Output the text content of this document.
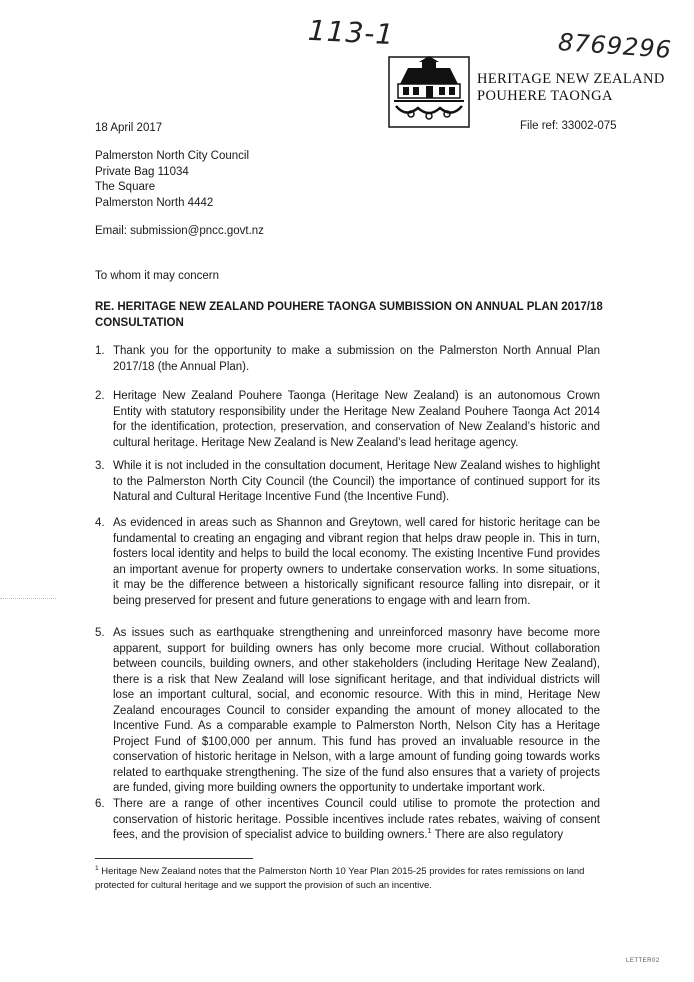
113-1	8769296
HERITAGE NEW ZEALAND
POUHERE TAONGA
18 April 2017	File ref: 33002-075
Palmerston North City Council
Private Bag 11034
The Square
Palmerston North 4442
Email: submission@pncc.govt.nz
To whom it may concern
RE. HERITAGE NEW ZEALAND POUHERE TAONGA SUMBISSION ON ANNUAL PLAN 2017/18 CONSULTATION
1. Thank you for the opportunity to make a submission on the Palmerston North Annual Plan 2017/18 (the Annual Plan).
2. Heritage New Zealand Pouhere Taonga (Heritage New Zealand) is an autonomous Crown Entity with statutory responsibility under the Heritage New Zealand Pouhere Taonga Act 2014 for the identification, protection, preservation, and conservation of New Zealand’s historic and cultural heritage. Heritage New Zealand is New Zealand’s lead heritage agency.
3. While it is not included in the consultation document, Heritage New Zealand wishes to highlight to the Palmerston North City Council (the Council) the importance of continued support for its Natural and Cultural Heritage Incentive Fund (the Incentive Fund).
4. As evidenced in areas such as Shannon and Greytown, well cared for historic heritage can be fundamental to creating an engaging and vibrant region that helps draw people in. This in turn, fosters local identity and helps to build the local economy. The existing Incentive Fund provides an important avenue for property owners to undertake conservation works. In some situations, it may be the difference between a historically significant resource falling into disrepair, or it being preserved for present and future generations to engage with and learn from.
5. As issues such as earthquake strengthening and unreinforced masonry have become more apparent, support for building owners has only become more crucial. Without collaboration between councils, building owners, and other stakeholders (including Heritage New Zealand), there is a risk that New Zealand will lose significant heritage, and that individual districts will lose an important cultural, social, and economic resource. With this in mind, Heritage New Zealand encourages Council to consider expanding the amount of money allocated to the Incentive Fund. As a comparable example to Palmerston North, Nelson City has a Heritage Project Fund of $100,000 per annum. This fund has proved an invaluable resource in the conservation of historic heritage in Nelson, with a large amount of funding going towards works related to earthquake strengthening. The size of the fund also ensures that a variety of projects are funded, giving more building owners the opportunity to undertake important work.
6. There are a range of other incentives Council could utilise to promote the protection and conservation of historic heritage. Possible incentives include rates rebates, waiving of consent fees, and the provision of specialist advice to building owners.$^1$ There are also regulatory
$^1$ Heritage New Zealand notes that the Palmerston North 10 Year Plan 2015-25 provides for rates remissions on land protected for cultural heritage and we support the provision of such an incentive.
LETTER02
